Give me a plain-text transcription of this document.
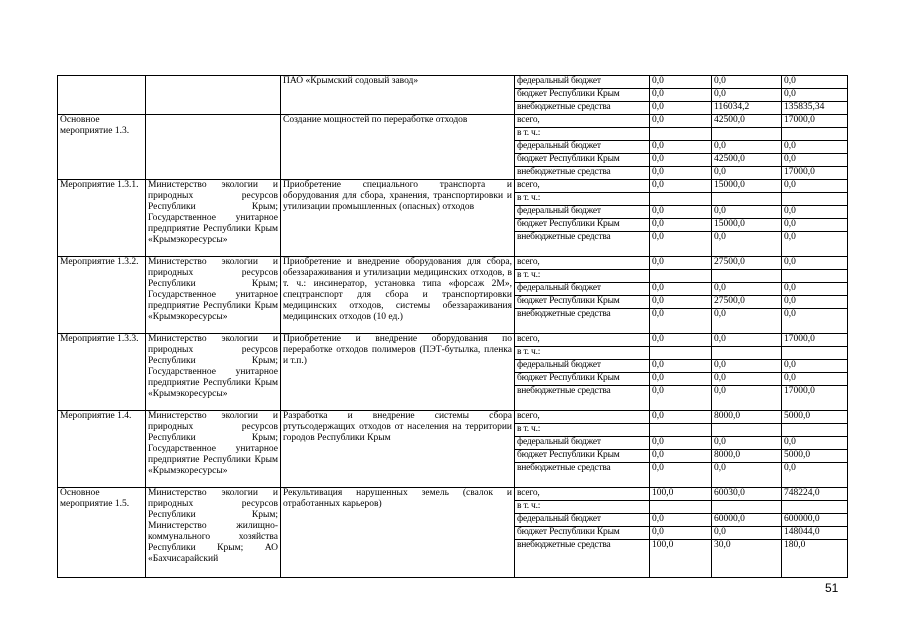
		ПАО «Крымский содовый завод»	федеральный бюджет	0,0	0,0	0,0
			бюджет Республики Крым	0,0	0,0	0,0
			внебюджетные средства	0,0	116034,2	135835,34
Основное мероприятие 1.3.		Создание мощностей по переработке отходов	всего,	0,0	42500,0	17000,0
			в т. ч.:			
			федеральный бюджет	0,0	0,0	0,0
			бюджет Республики Крым	0,0	42500,0	0,0
			внебюджетные средства	0,0	0,0	17000,0
Мероприятие 1.3.1.	Министерство экологии и природных ресурсов Республики Крым; Государственное унитарное предприятие Республики Крым «Крымэкоресурсы»	Приобретение специального транспорта и оборудования для сбора, хранения, транспортировки и утилизации промышленных (опасных) отходов	всего,	0,0	15000,0	0,0
			в т. ч.:			
			федеральный бюджет	0,0	0,0	0,0
			бюджет Республики Крым	0,0	15000,0	0,0
			внебюджетные средства	0,0	0,0	0,0
Мероприятие 1.3.2.	Министерство экологии и природных ресурсов Республики Крым; Государственное унитарное предприятие Республики Крым «Крымэкоресурсы»	Приобретение и внедрение оборудования для сбора, обеззараживания и утилизации медицинских отходов, в т. ч.: инсинератор, установка типа «форсаж 2М», спецтранспорт для сбора и транспортировки медицинских отходов, системы обеззараживания медицинских отходов (10 ед.)	всего,	0,0	27500,0	0,0
			в т. ч.:			
			федеральный бюджет	0,0	0,0	0,0
			бюджет Республики Крым	0,0	27500,0	0,0
			внебюджетные средства	0,0	0,0	0,0
Мероприятие 1.3.3.	Министерство экологии и природных ресурсов Республики Крым; Государственное унитарное предприятие Республики Крым «Крымэкоресурсы»	Приобретение и внедрение оборудования по переработке отходов полимеров (ПЭТ-бутылка, пленка и т.п.)	всего,	0,0	0,0	17000,0
			в т. ч.:			
			федеральный бюджет	0,0	0,0	0,0
			бюджет Республики Крым	0,0	0,0	0,0
			внебюджетные средства	0,0	0,0	17000,0
Мероприятие 1.4.	Министерство экологии и природных ресурсов Республики Крым; Государственное унитарное предприятие Республики Крым «Крымэкоресурсы»	Разработка и внедрение системы сбора ртутьсодержащих отходов от населения на территории городов Республики Крым	всего,	0,0	8000,0	5000,0
			в т. ч.:			
			федеральный бюджет	0,0	0,0	0,0
			бюджет Республики Крым	0,0	8000,0	5000,0
			внебюджетные средства	0,0	0,0	0,0
Основное мероприятие 1.5.	Министерство экологии и природных ресурсов Республики Крым; Министерство жилищно-коммунального хозяйства Республики Крым; АО «Бахчисарайский	Рекультивация нарушенных земель (свалок и отработанных карьеров)	всего,	100,0	60030,0	748224,0
			в т. ч.:			
			федеральный бюджет	0,0	60000,0	600000,0
			бюджет Республики Крым	0,0	0,0	148044,0
			внебюджетные средства	100,0	30,0	180,0
51
